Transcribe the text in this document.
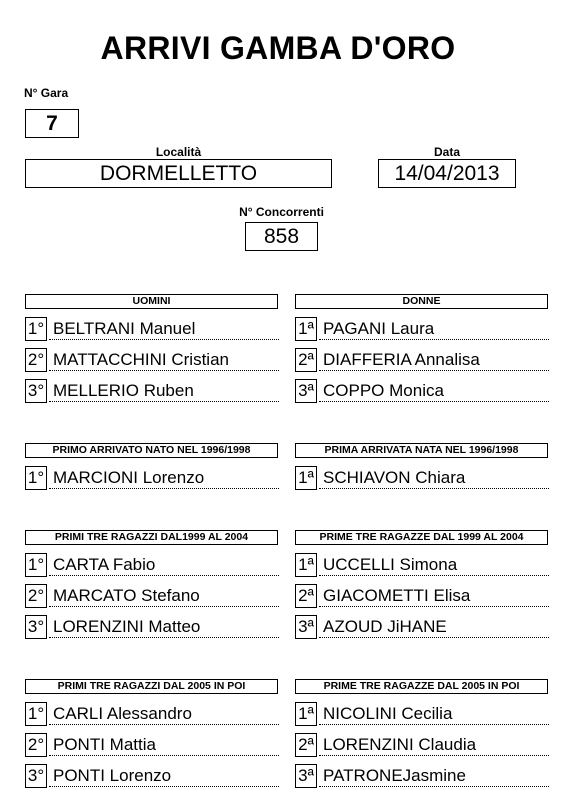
ARRIVI GAMBA D'ORO
N° Gara
7
Località
DORMELLETTO
Data
14/04/2013
N° Concorrenti
858
UOMINI
1° BELTRANI Manuel
2° MATTACCHINI Cristian
3° MELLERIO Ruben
DONNE
1ª PAGANI Laura
2ª DIAFFERIA Annalisa
3ª COPPO Monica
PRIMO ARRIVATO NATO NEL 1996/1998
1° MARCIONI Lorenzo
PRIMA ARRIVATA NATA NEL 1996/1998
1ª SCHIAVON Chiara
PRIMI TRE RAGAZZI DAL1999 AL 2004
1° CARTA Fabio
2° MARCATO Stefano
3° LORENZINI Matteo
PRIME TRE RAGAZZE DAL 1999 AL 2004
1ª UCCELLI Simona
2ª GIACOMETTI Elisa
3ª AZOUD JiHANE
PRIMI TRE RAGAZZI DAL 2005 IN POI
1° CARLI Alessandro
2° PONTI Mattia
3° PONTI Lorenzo
PRIME TRE RAGAZZE DAL 2005 IN POI
1ª NICOLINI Cecilia
2ª LORENZINI Claudia
3ª PATRONEJasmine
